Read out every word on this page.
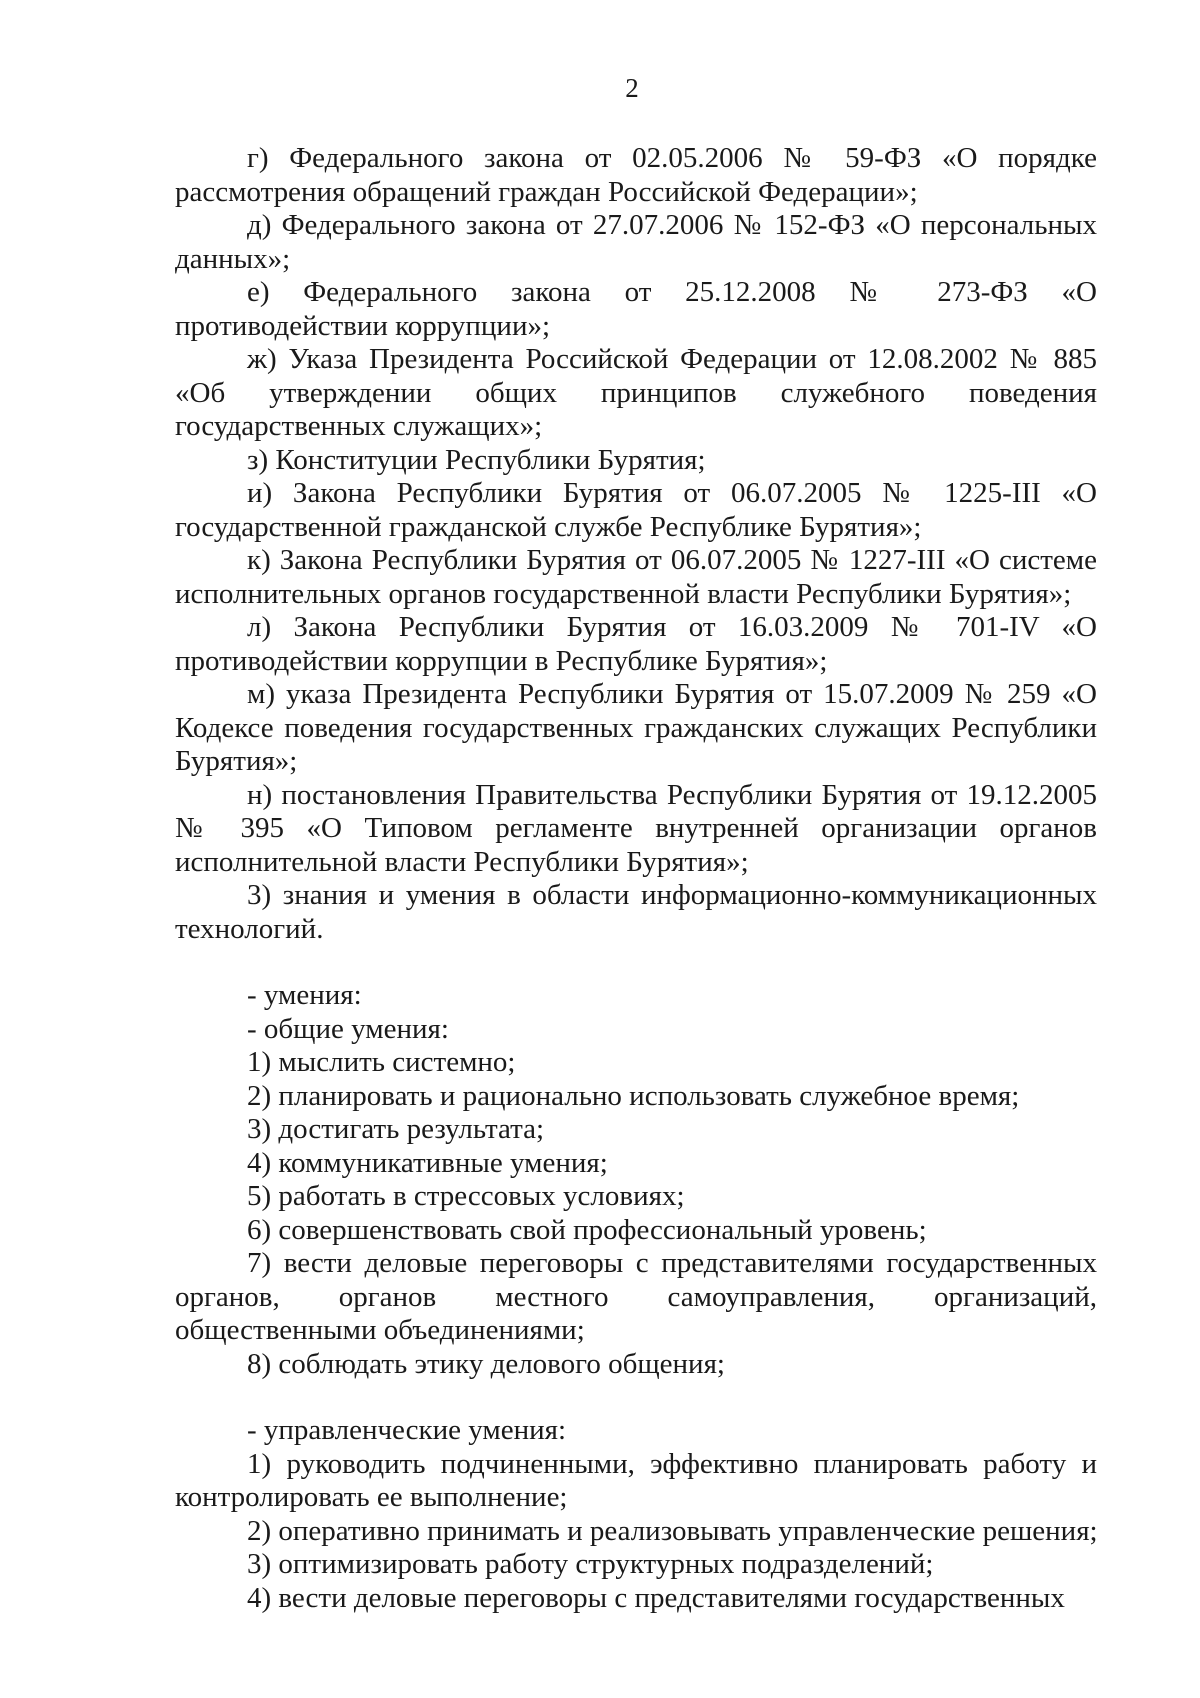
2

г) Федерального закона от 02.05.2006 № 59-ФЗ «О порядке рассмотрения обращений граждан Российской Федерации»;

д) Федерального закона от 27.07.2006 № 152-ФЗ «О персональных данных»;

е) Федерального закона от 25.12.2008 № 273-ФЗ «О противодействии коррупции»;

ж) Указа Президента Российской Федерации от 12.08.2002 № 885 «Об утверждении общих принципов служебного поведения государственных служащих»;

з) Конституции Республики Бурятия;

и) Закона Республики Бурятия от 06.07.2005 № 1225-III «О государственной гражданской службе Республике Бурятия»;

к) Закона Республики Бурятия от 06.07.2005 № 1227-III «О системе исполнительных органов государственной власти Республики Бурятия»;

л) Закона Республики Бурятия от 16.03.2009 № 701-IV «О противодействии коррупции в Республике Бурятия»;

м) указа Президента Республики Бурятия от 15.07.2009 № 259 «О Кодексе поведения государственных гражданских служащих Республики Бурятия»;

н) постановления Правительства Республики Бурятия от 19.12.2005 № 395 «О Типовом регламенте внутренней организации органов исполнительной власти Республики Бурятия»;

3) знания и умения в области информационно-коммуникационных технологий.

- умения:

- общие умения:

1) мыслить системно;

2) планировать и рационально использовать служебное время;

3) достигать результата;

4) коммуникативные умения;

5) работать в стрессовых условиях;

6) совершенствовать свой профессиональный уровень;

7) вести деловые переговоры с представителями государственных органов, органов местного самоуправления, организаций, общественными объединениями;

8) соблюдать этику делового общения;

- управленческие умения:

1) руководить подчиненными, эффективно планировать работу и контролировать ее выполнение;

2) оперативно принимать и реализовывать управленческие решения;

3) оптимизировать работу структурных подразделений;

4) вести деловые переговоры с представителями государственных
